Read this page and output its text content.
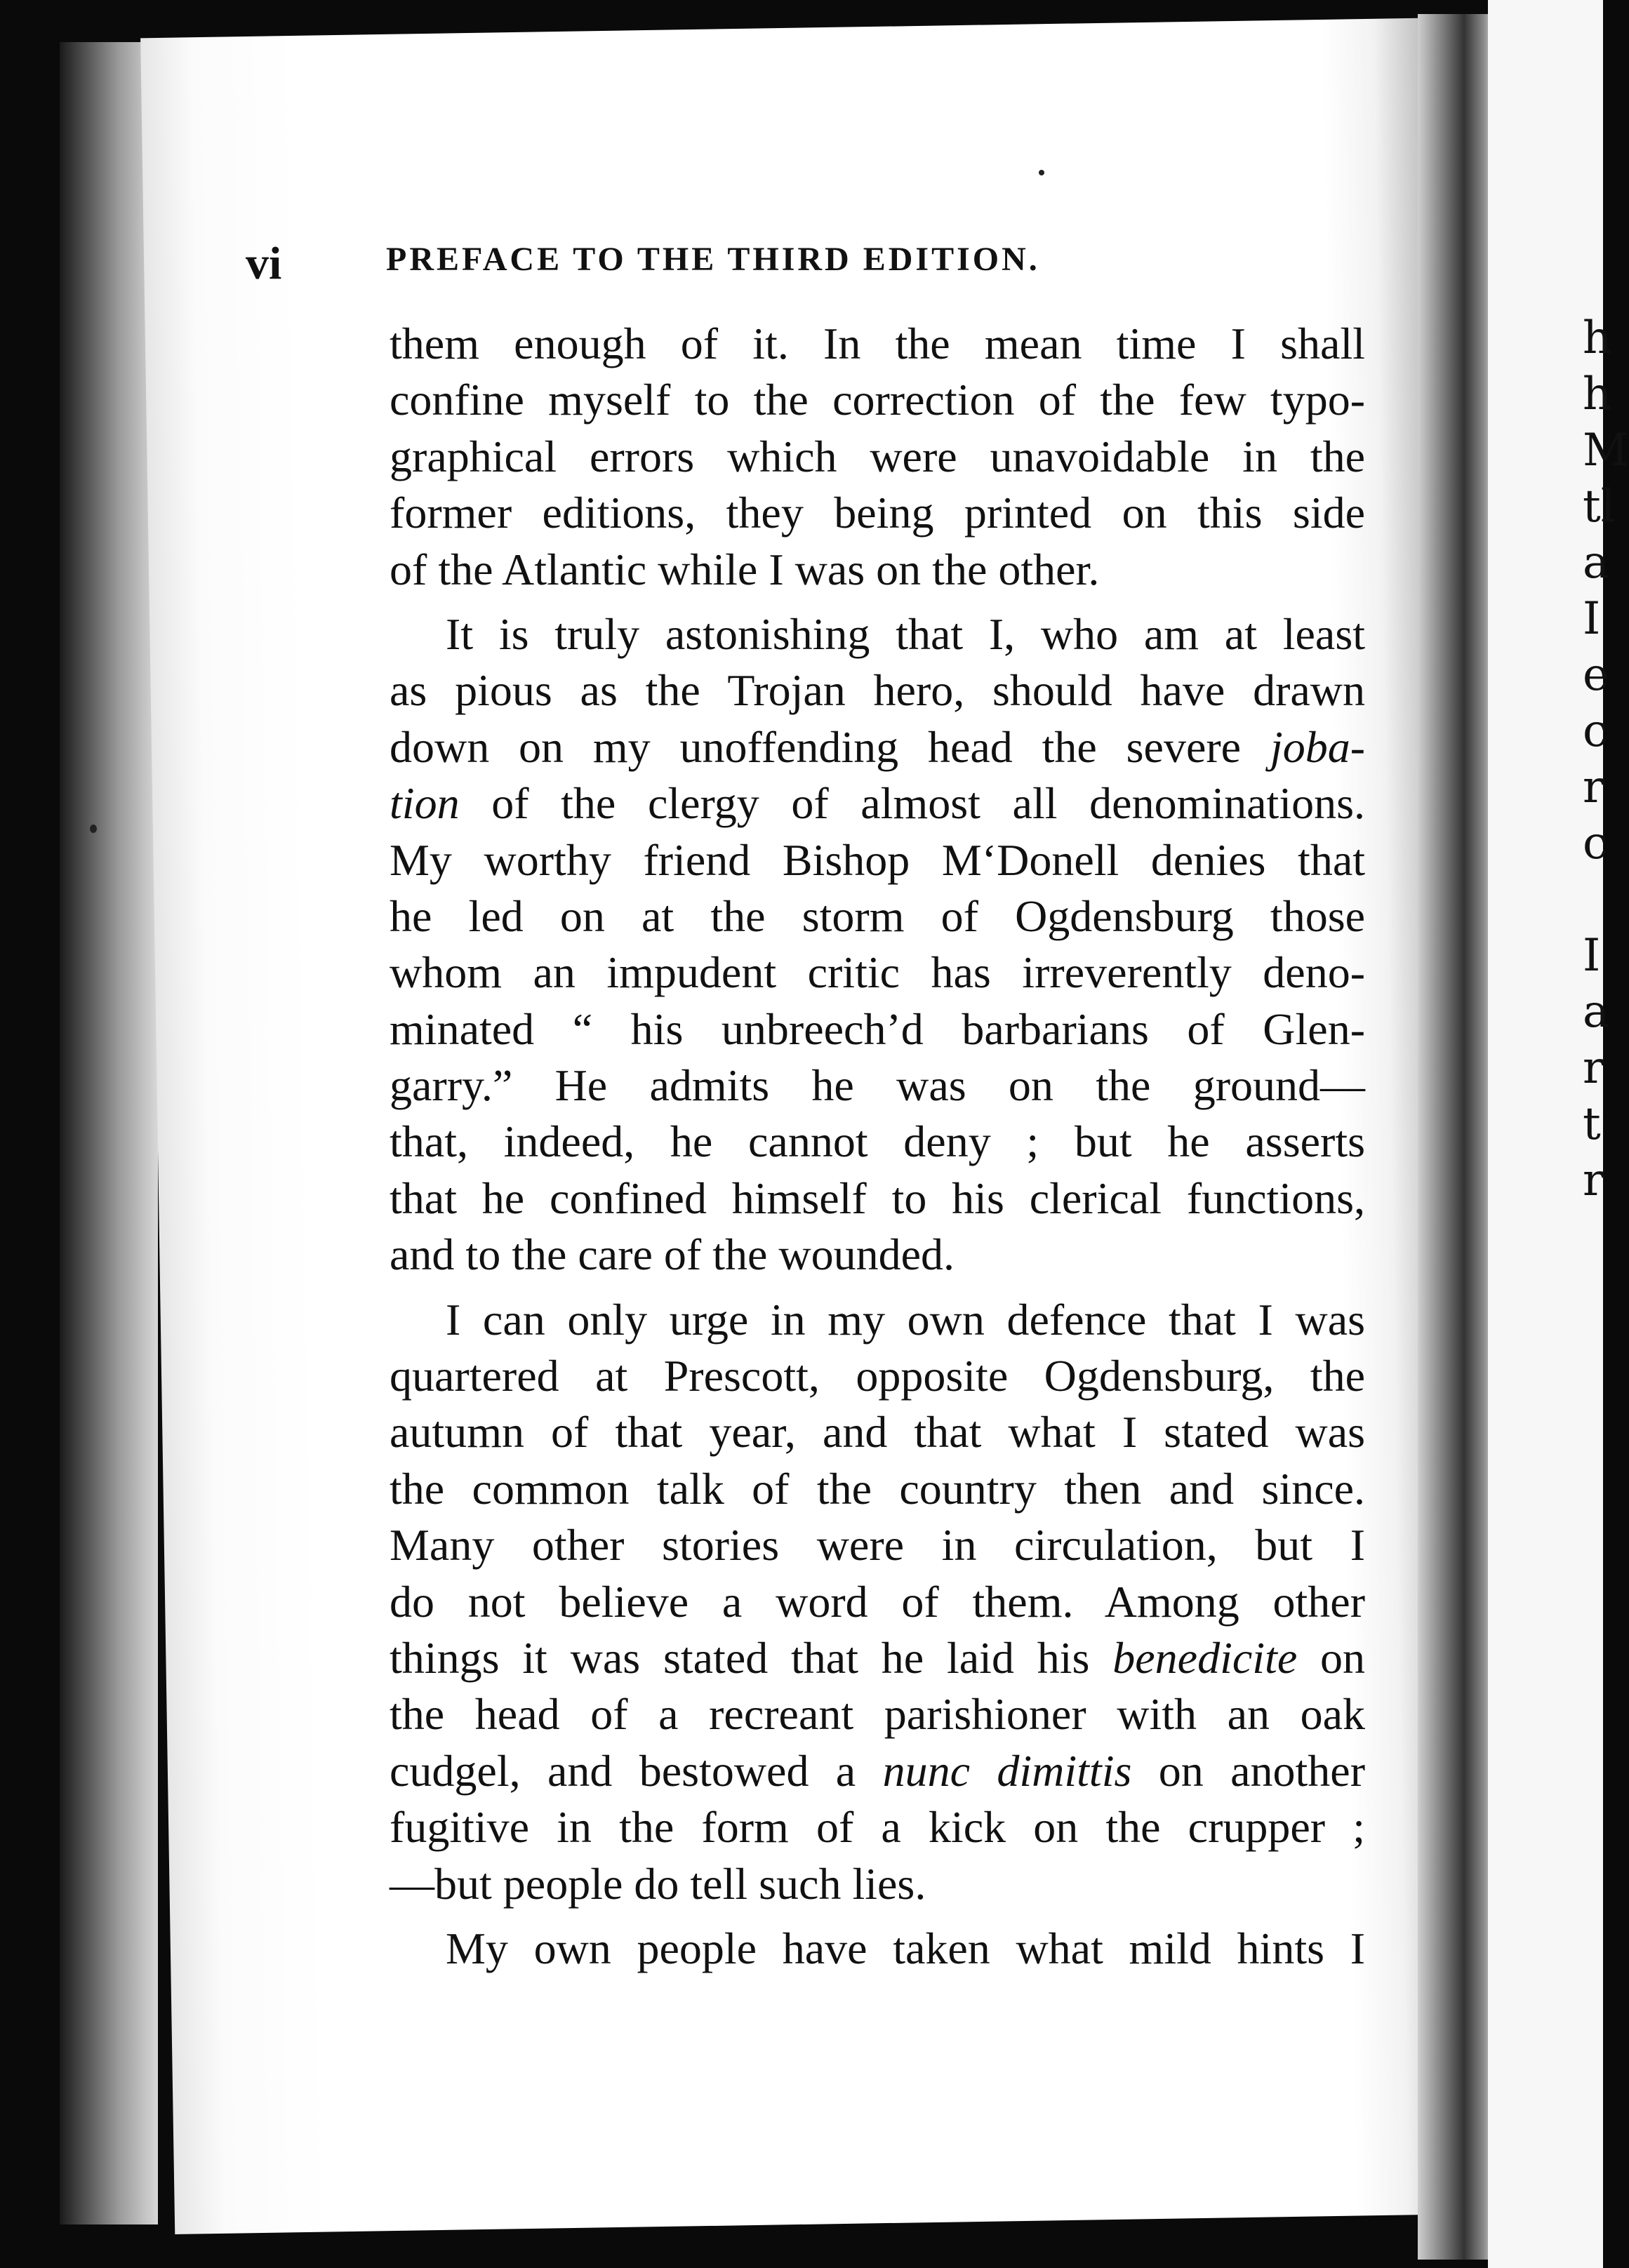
vi	PREFACE TO THE THIRD EDITION.
them enough of it. In the mean time I shall
confine myself to the correction of the few typo-
graphical errors which were unavoidable in the
former editions, they being printed on this side
of the Atlantic while I was on the other.
It is truly astonishing that I, who am at least
as pious as the Trojan hero, should have drawn
down on my unoffending head the severe joba-
tion of the clergy of almost all denominations.
My worthy friend Bishop M‘Donell denies that
he led on at the storm of Ogdensburg those
whom an impudent critic has irreverently deno-
minated “ his unbreech’d barbarians of Glen-
garry.” He admits he was on the ground—
that, indeed, he cannot deny ; but he asserts
that he confined himself to his clerical functions,
and to the care of the wounded.
I can only urge in my own defence that I was
quartered at Prescott, opposite Ogdensburg, the
autumn of that year, and that what I stated was
the common talk of the country then and since.
Many other stories were in circulation, but I
do not believe a word of them. Among other
things it was stated that he laid his benedicite on
the head of a recreant parishioner with an oak
cudgel, and bestowed a nunc dimittis on another
fugitive in the form of a kick on the crupper ;
—but people do tell such lies.
My own people have taken what mild hints I
h
h
M
tl
a
I
e
c
r
c
I
a
r
t
r
